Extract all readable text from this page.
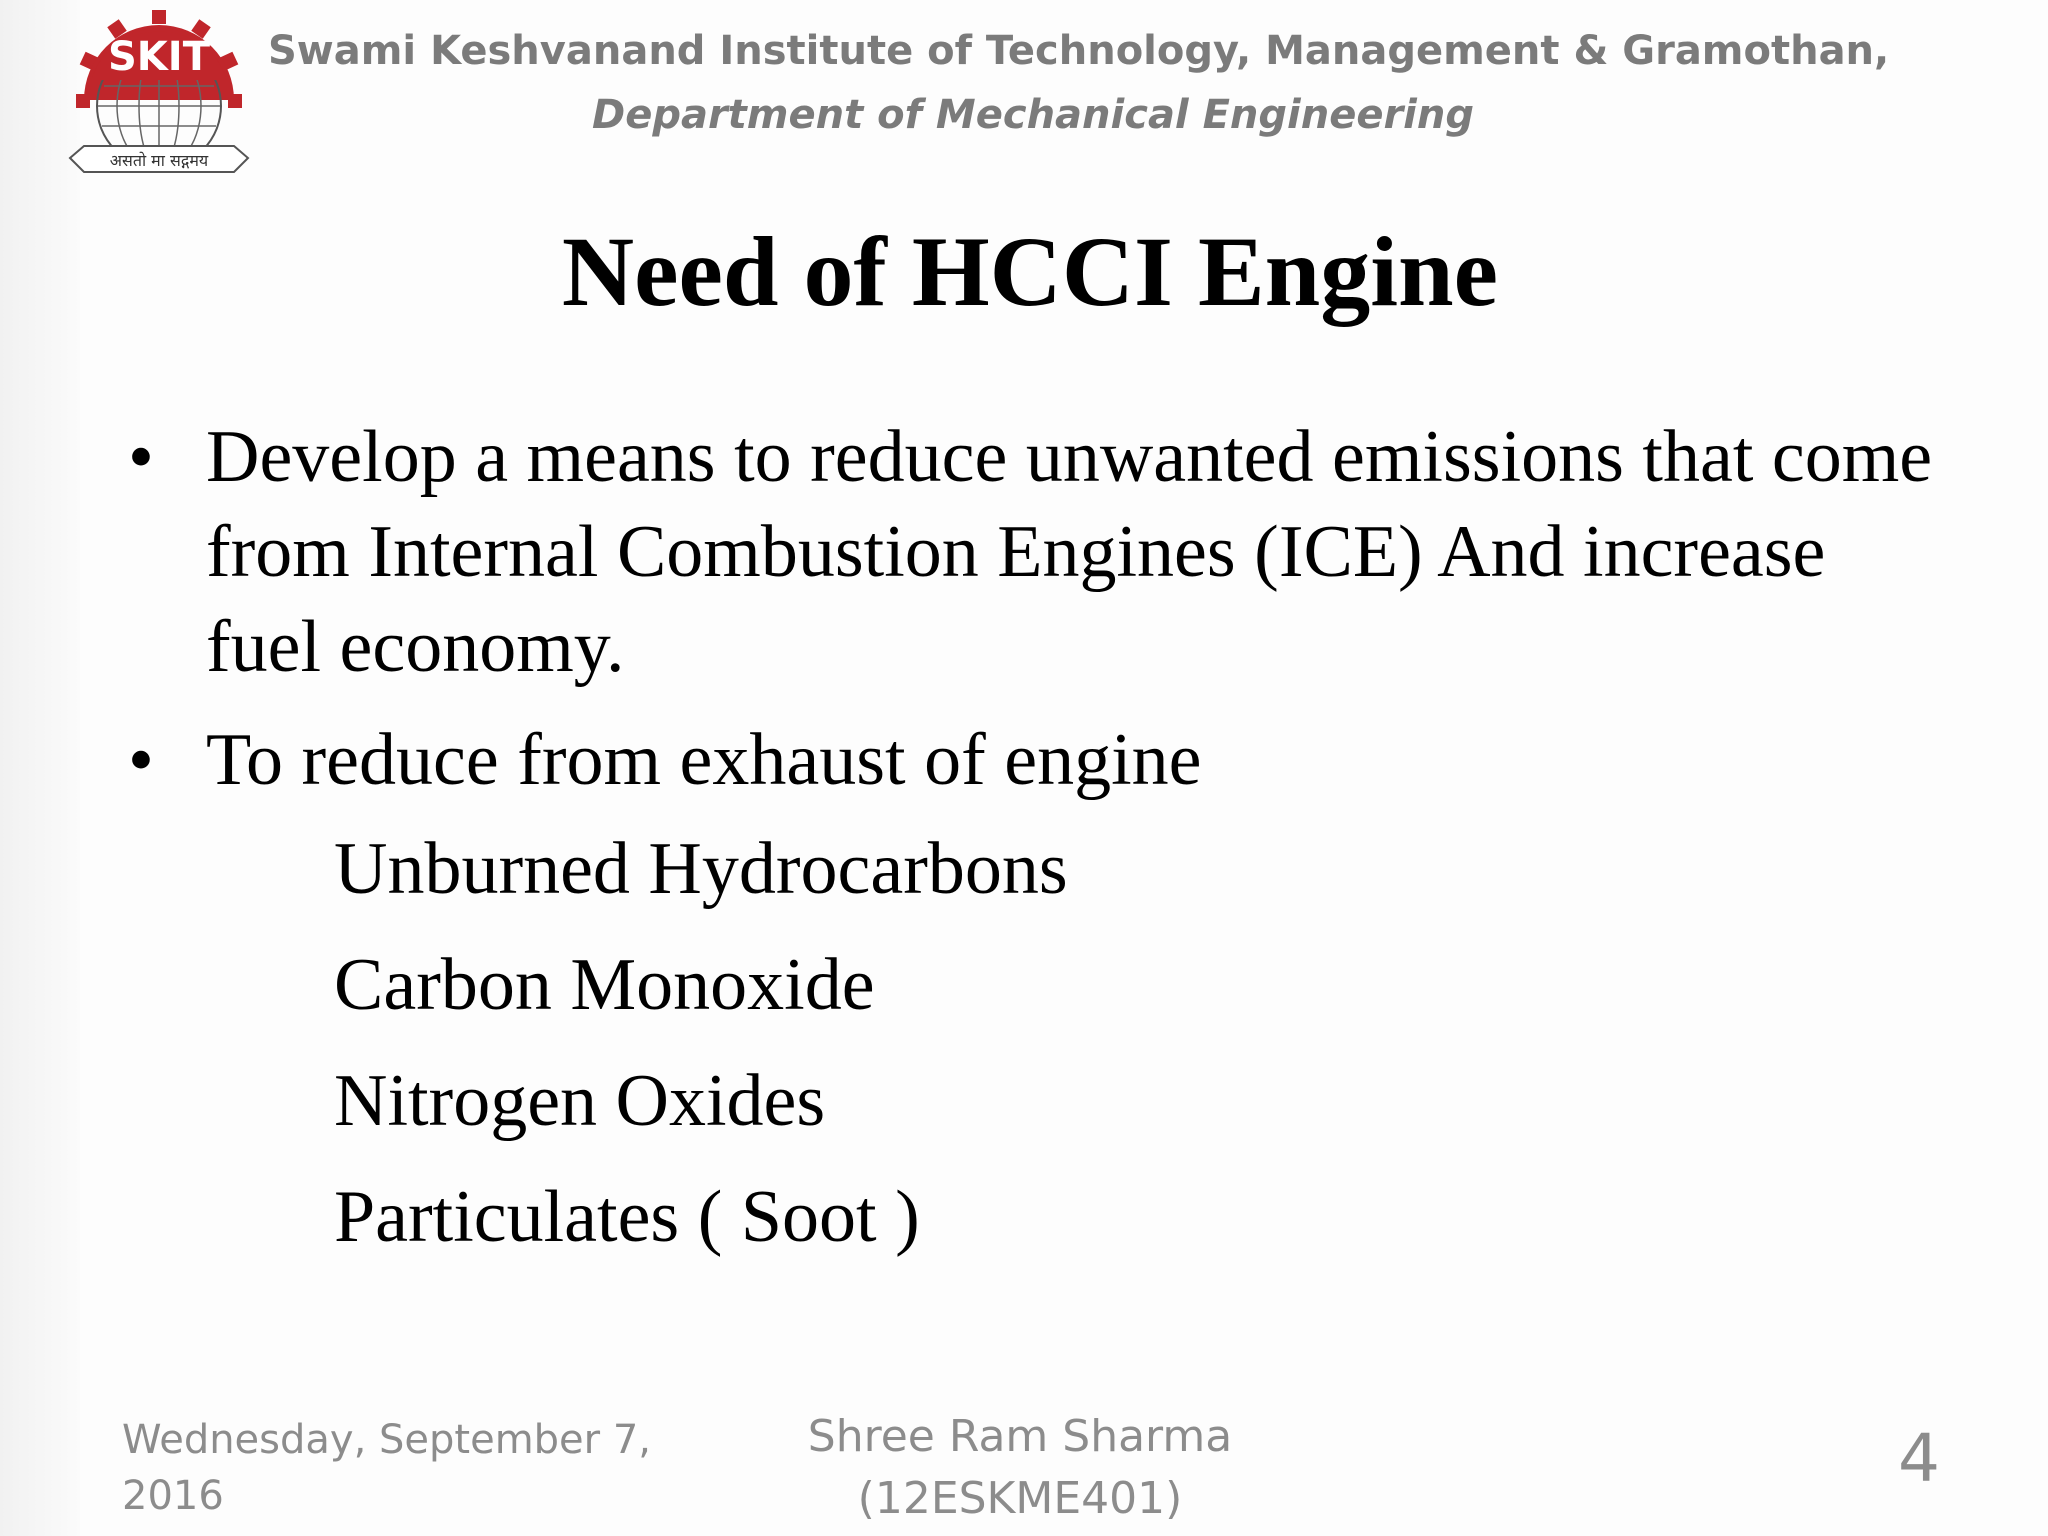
SKIT
असतो मा सद्गमय
Swami Keshvanand Institute of Technology, Management & Gramothan,
Department of Mechanical Engineering
Need of HCCI Engine
• Develop a means to reduce unwanted emissions that come from Internal Combustion Engines (ICE) And increase fuel economy.
• To reduce from exhaust of engine
Unburned Hydrocarbons
Carbon Monoxide
Nitrogen Oxides
Particulates ( Soot )
Wednesday, September 7, 2016
Shree Ram Sharma
(12ESKME401)
4
